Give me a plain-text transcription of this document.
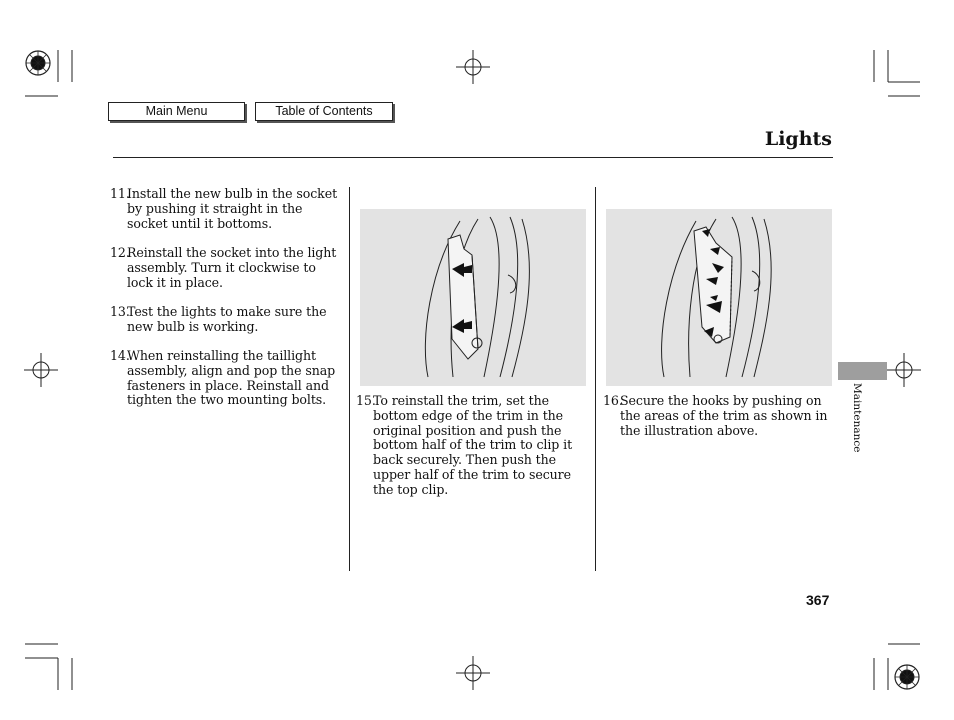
Main Menu	Table of Contents
Lights
11.
Install the new bulb in the socket by pushing it straight in the socket until it bottoms.
12.
Reinstall the socket into the light assembly. Turn it clockwise to lock it in place.
13.
Test the lights to make sure the new bulb is working.
14.
When reinstalling the taillight assembly, align and pop the snap fasteners in place. Reinstall and tighten the two mounting bolts.	15.
To reinstall the trim, set the bottom edge of the trim in the original position and push the bottom half of the trim to clip it back securely. Then push the upper half of the trim to secure the top clip.
16.
Secure the hooks by pushing on the areas of the trim as shown in the illustration above.	Maintenance
367
